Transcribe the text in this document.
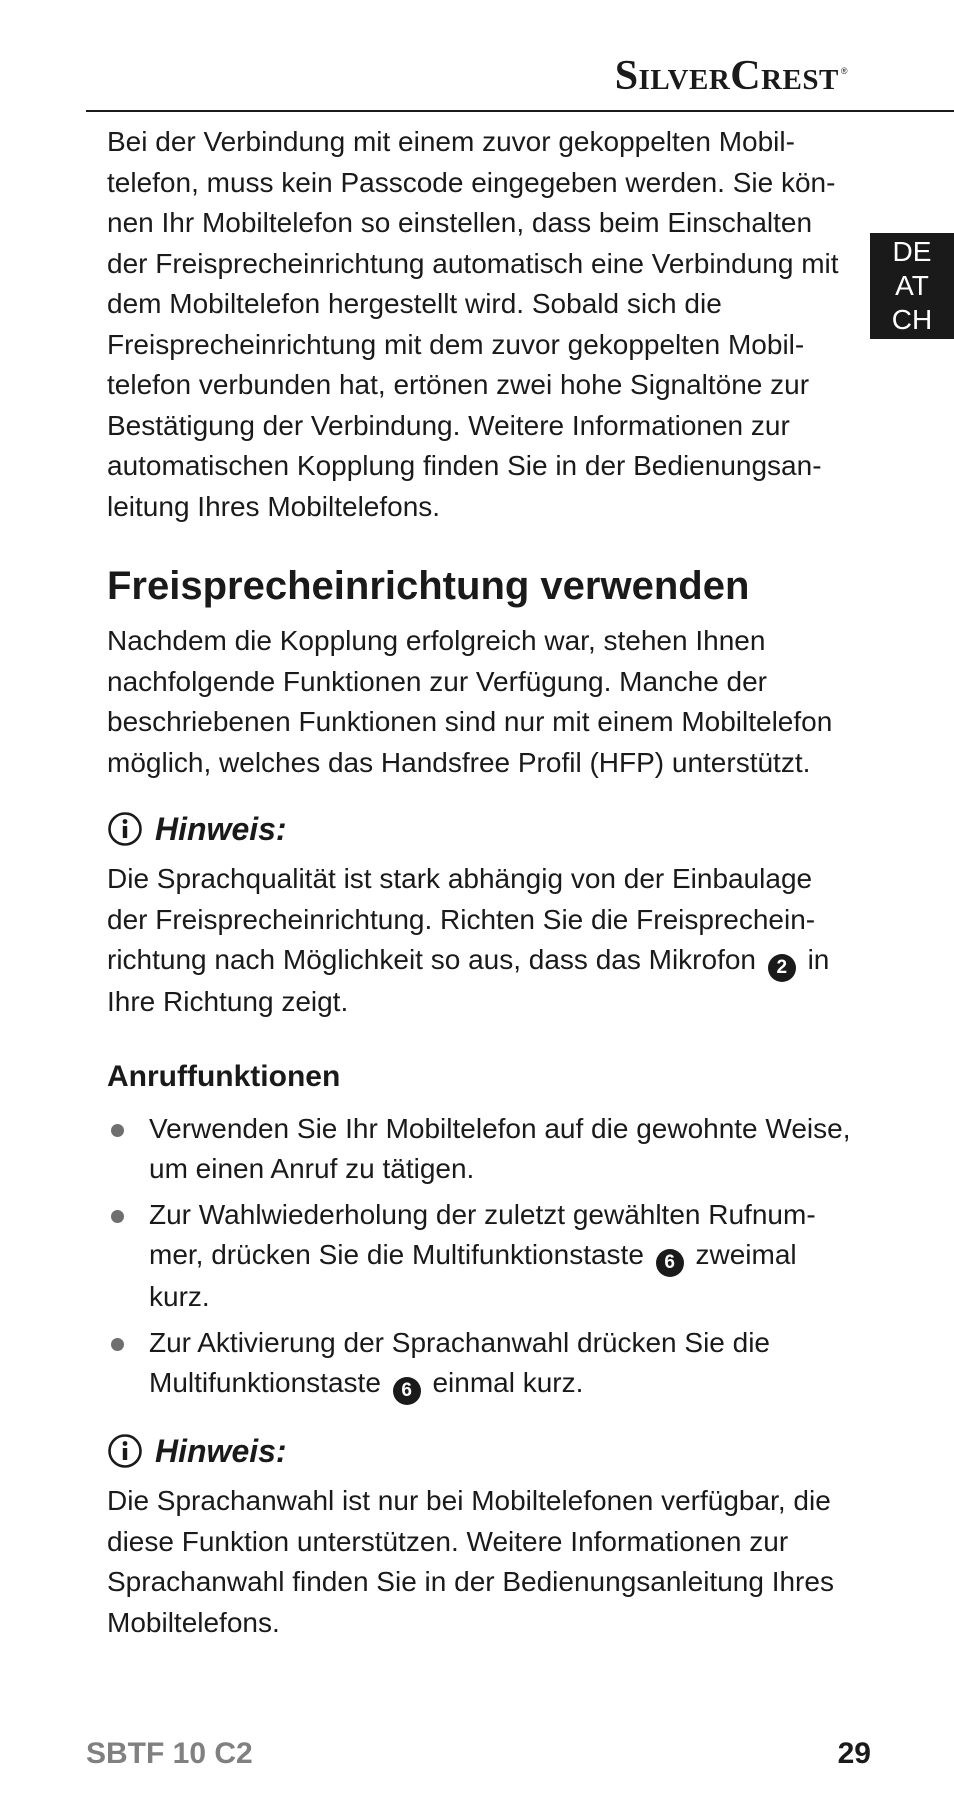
SilverCrest ®
DE
AT
CH

Bei der Verbindung mit einem zuvor gekoppelten Mobiltelefon, muss kein Passcode eingegeben werden. Sie können Ihr Mobiltelefon so einstellen, dass beim Einschalten der Freisprecheinrichtung automatisch eine Verbindung mit dem Mobiltelefon hergestellt wird. Sobald sich die Freisprecheinrichtung mit dem zuvor gekoppelten Mobiltelefon verbunden hat, ertönen zwei hohe Signaltöne zur Bestätigung der Verbindung. Weitere Informationen zur automatischen Kopplung finden Sie in der Bedienungsanleitung Ihres Mobiltelefons.

Freisprecheinrichtung verwenden

Nachdem die Kopplung erfolgreich war, stehen Ihnen nachfolgende Funktionen zur Verfügung. Manche der beschriebenen Funktionen sind nur mit einem Mobiltelefon möglich, welches das Handsfree Profil (HFP) unterstützt.

Hinweis:

Die Sprachqualität ist stark abhängig von der Einbaulage der Freisprecheinrichtung. Richten Sie die Freisprecheinrichtung nach Möglichkeit so aus, dass das Mikrofon 2 in Ihre Richtung zeigt.

Anruffunktionen
Verwenden Sie Ihr Mobiltelefon auf die gewohnte Weise, um einen Anruf zu tätigen.
Zur Wahlwiederholung der zuletzt gewählten Rufnummer, drücken Sie die Multifunktionstaste 6 zweimal kurz.
Zur Aktivierung der Sprachanwahl drücken Sie die Multifunktionstaste 6 einmal kurz.
Hinweis:

Die Sprachanwahl ist nur bei Mobiltelefonen verfügbar, die diese Funktion unterstützen. Weitere Informationen zur Sprachanwahl finden Sie in der Bedienungsanleitung Ihres Mobiltelefons.

SBTF 10 C2	29
